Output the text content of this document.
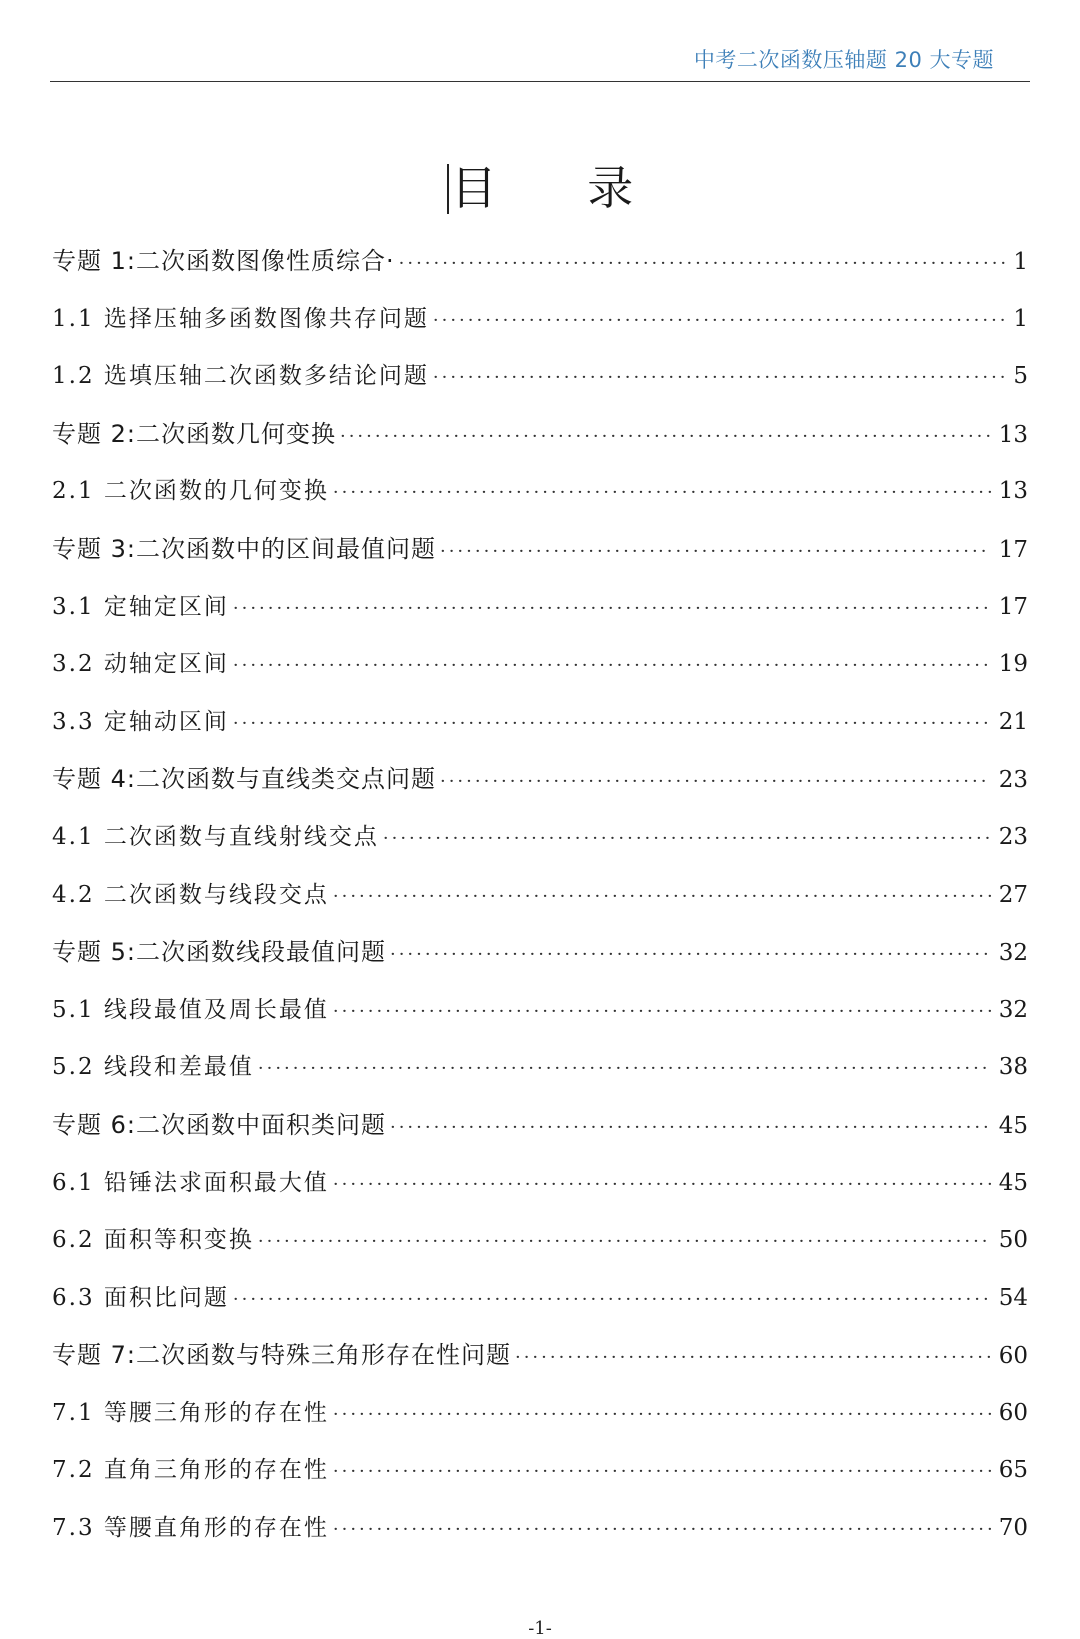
中考二次函数压轴题 20 大专题
目 录
专题 1:二次函数图像性质综合· ·····	1
1.1 选择压轴多函数图像共存问题 ·····	1
1.2 选填压轴二次函数多结论问题 ·····	5
专题 2:二次函数几何变换 ·····	13
2.1 二次函数的几何变换 ·····	13
专题 3:二次函数中的区间最值问题 ·····	17
3.1 定轴定区间 ·····	17
3.2 动轴定区间 ·····	19
3.3 定轴动区间 ·····	21
专题 4:二次函数与直线类交点问题 ·····	23
4.1 二次函数与直线射线交点 ·····	23
4.2 二次函数与线段交点 ·····	27
专题 5:二次函数线段最值问题 ·····	32
5.1 线段最值及周长最值 ·····	32
5.2 线段和差最值 ·····	38
专题 6:二次函数中面积类问题 ·····	45
6.1 铅锤法求面积最大值 ·····	45
6.2 面积等积变换 ·····	50
6.3 面积比问题 ·····	54
专题 7:二次函数与特殊三角形存在性问题 ·····	60
7.1 等腰三角形的存在性 ·····	60
7.2 直角三角形的存在性 ·····	65
7.3 等腰直角形的存在性 ·····	70
-1-
